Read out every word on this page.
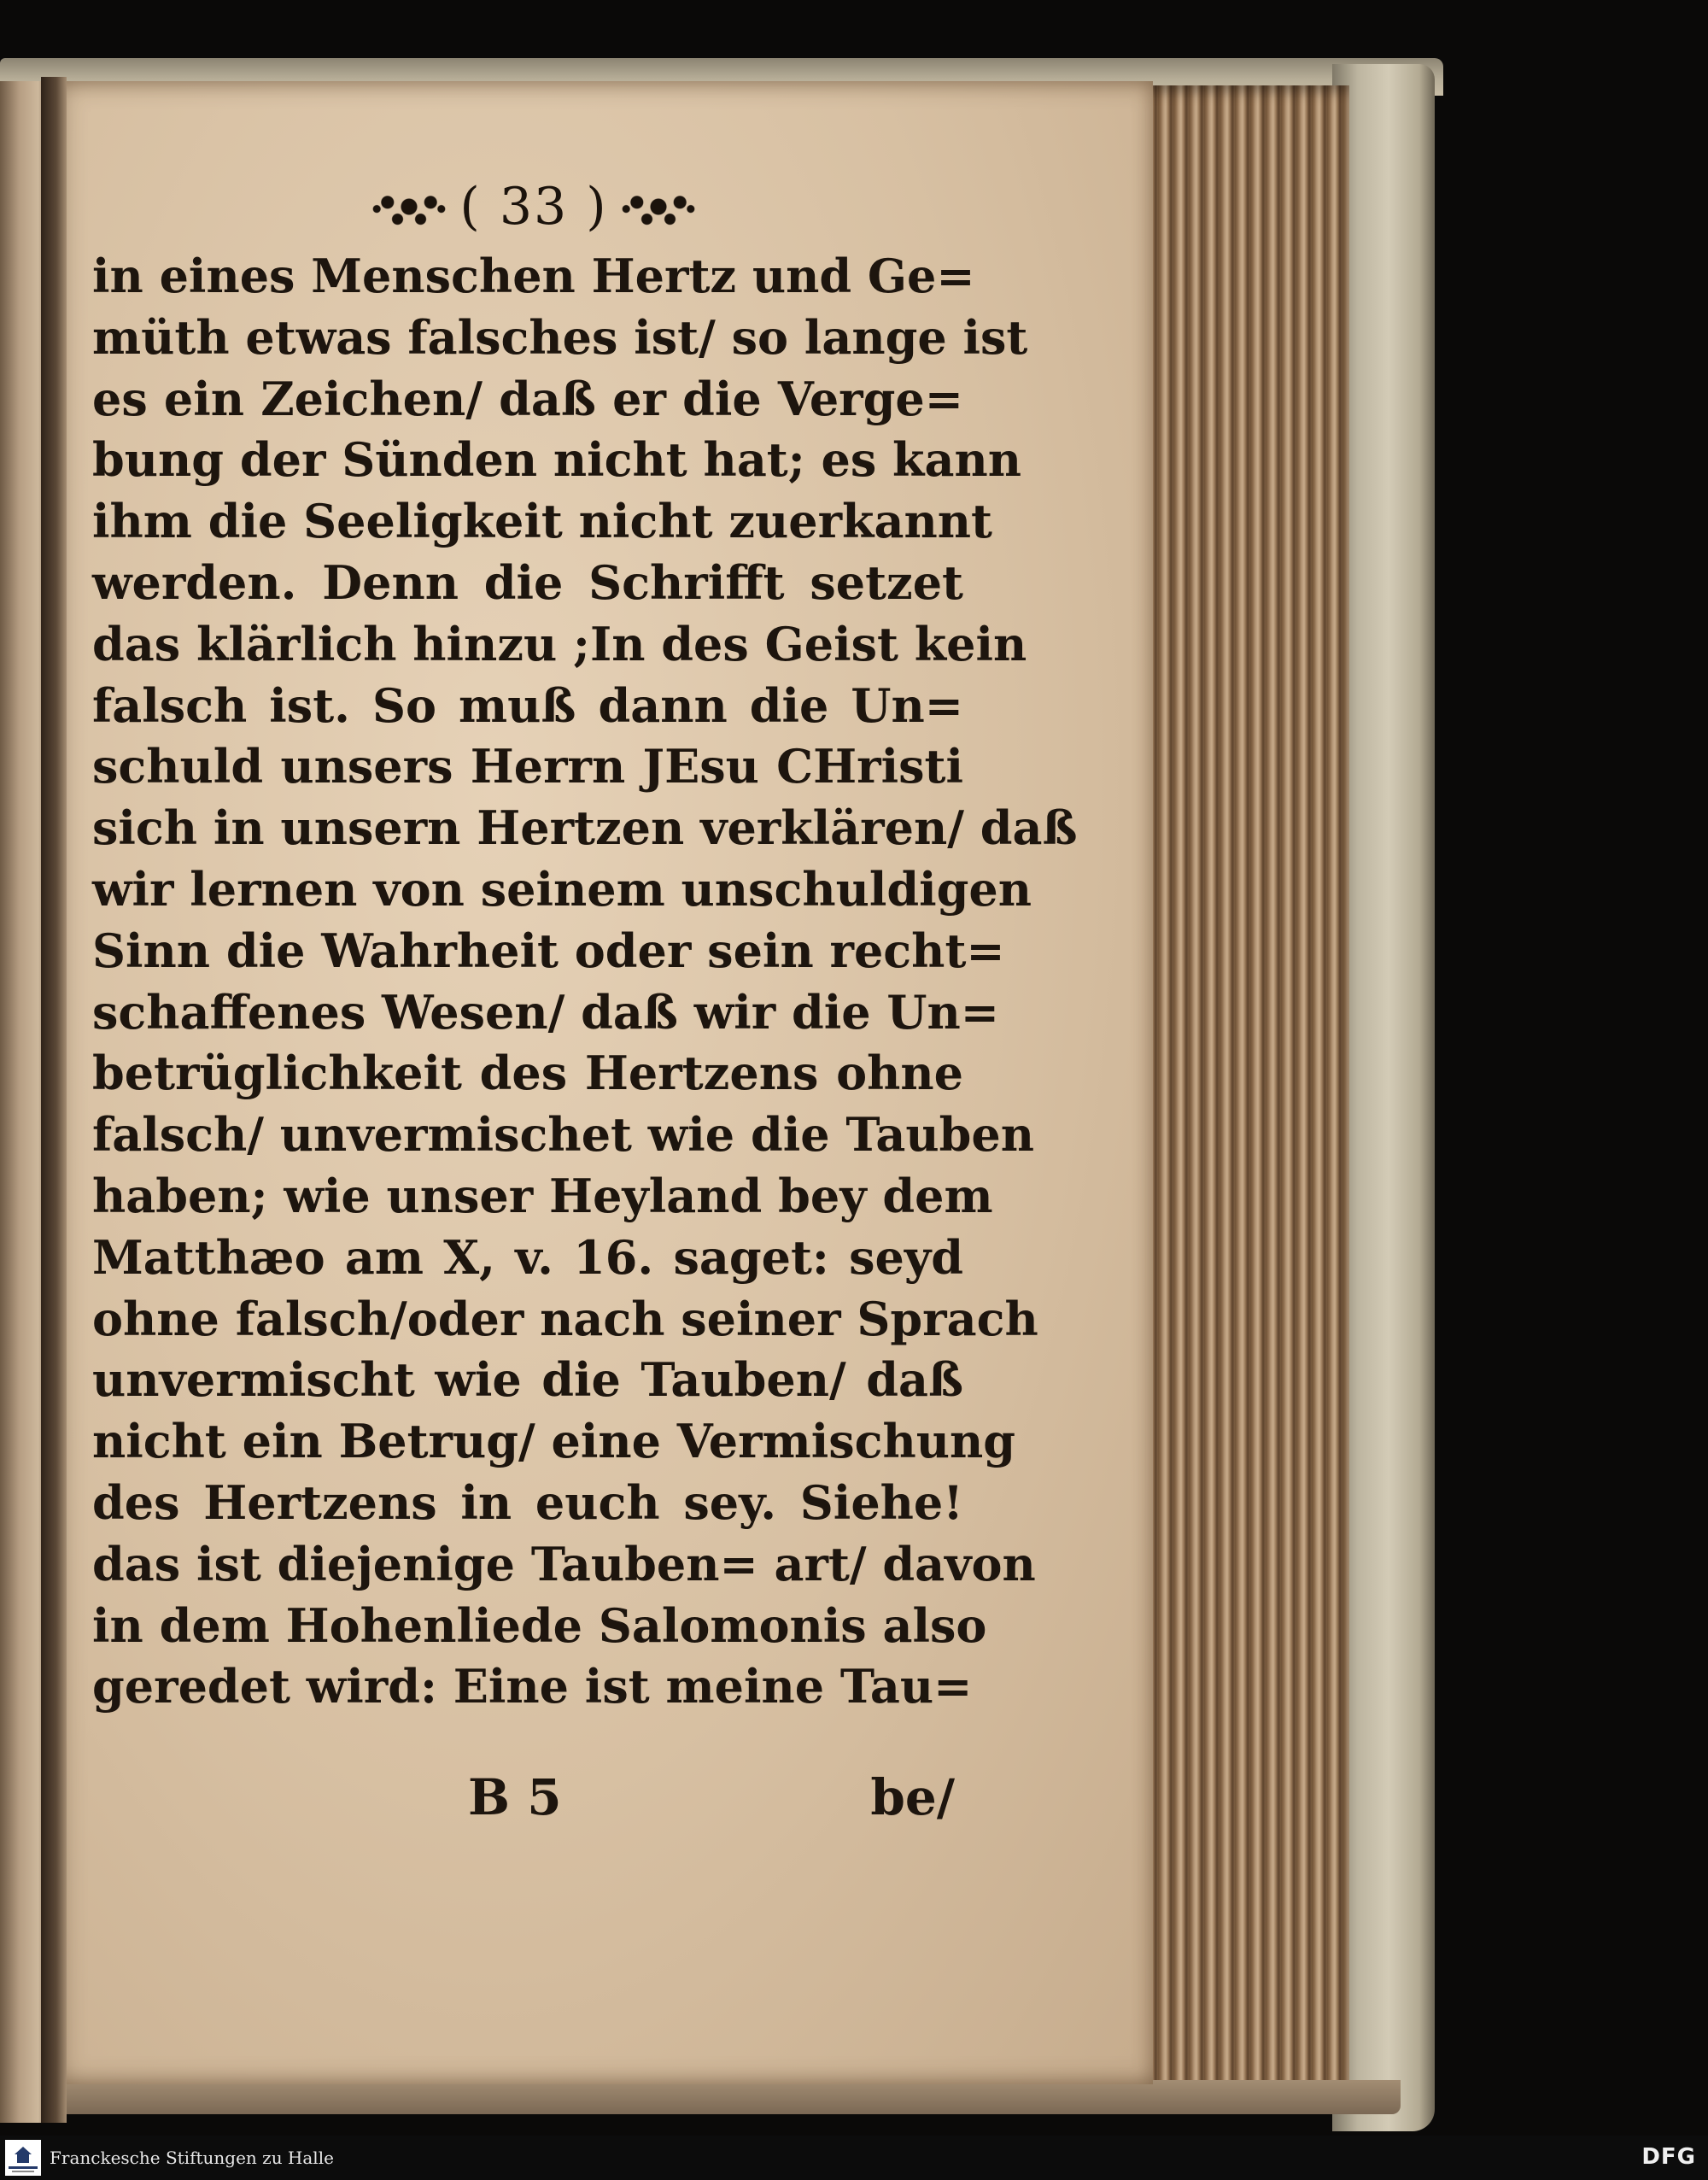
( 33 )
in eines Menschen Hertz und Ge=
müth etwas falsches ist/ so lange ist
es ein Zeichen/ daß er die Verge=
bung der Sünden nicht hat; es kann
ihm die Seeligkeit nicht zuerkannt
werden. Denn die Schrifft setzet
das klärlich hinzu ;In des Geist kein
falsch ist. So muß dann die Un=
schuld unsers Herrn JEsu CHristi
sich in unsern Hertzen verklären/ daß
wir lernen von seinem unschuldigen
Sinn die Wahrheit oder sein recht=
schaffenes Wesen/ daß wir die Un=
betrüglichkeit des Hertzens ohne
falsch/ unvermischet wie die Tauben
haben; wie unser Heyland bey dem
Matthæo am X, v. 16. saget: seyd
ohne falsch/oder nach seiner Sprach
unvermischt wie die Tauben/ daß
nicht ein Betrug/ eine Vermischung
des Hertzens in euch sey. Siehe!
das ist diejenige Tauben= art/ davon
in dem Hohenliede Salomonis also
geredet wird: Eine ist meine Tau=
B 5	be/
Franckesche Stiftungen zu Halle	DFG
